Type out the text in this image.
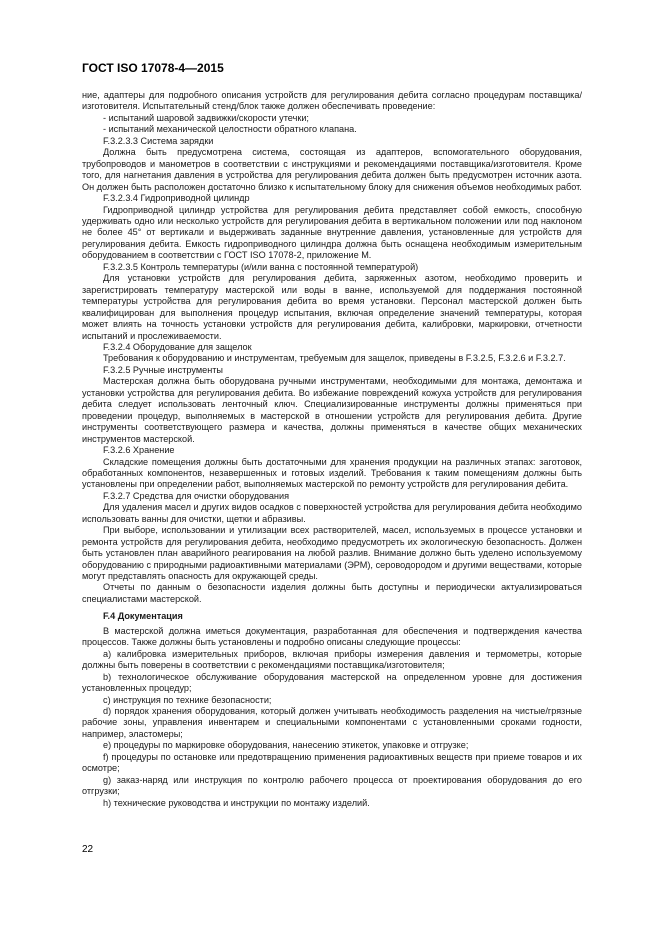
ГОСТ ISO 17078-4—2015

ние, адаптеры для подробного описания устройств для регулирования дебита согласно процедурам поставщика/изготовителя. Испытательный стенд/блок также должен обеспечивать проведение:

- испытаний шаровой задвижки/скорости утечки;

- испытаний механической целостности обратного клапана.

F.3.2.3.3 Система зарядки

Должна быть предусмотрена система, состоящая из адаптеров, вспомогательного оборудования, трубопроводов и манометров в соответствии с инструкциями и рекомендациями поставщика/изготовителя. Кроме того, для нагнетания давления в устройства для регулирования дебита должен быть предусмотрен источник азота. Он должен быть расположен достаточно близко к испытательному блоку для снижения объемов необходимых работ.

F.3.2.3.4 Гидроприводной цилиндр

Гидроприводной цилиндр устройства для регулирования дебита представляет собой емкость, способную удерживать одно или несколько устройств для регулирования дебита в вертикальном положении или под наклоном не более 45° от вертикали и выдерживать заданные внутренние давления, установленные для устройств для регулирования дебита. Емкость гидроприводного цилиндра должна быть оснащена необходимым измерительным оборудованием в соответствии с ГОСТ ISO 17078-2, приложение М.

F.3.2.3.5 Контроль температуры (и/или ванна с постоянной температурой)

Для установки устройств для регулирования дебита, заряженных азотом, необходимо проверить и зарегистрировать температуру мастерской или воды в ванне, используемой для поддержания постоянной температуры устройства для регулирования дебита во время установки. Персонал мастерской должен быть квалифицирован для выполнения процедур испытания, включая определение значений температуры, которая может влиять на точность установки устройств для регулирования дебита, калибровки, маркировки, отчетности испытаний и прослеживаемости.

F.3.2.4 Оборудование для защелок

Требования к оборудованию и инструментам, требуемым для защелок, приведены в F.3.2.5, F.3.2.6 и F.3.2.7.

F.3.2.5 Ручные инструменты

Мастерская должна быть оборудована ручными инструментами, необходимыми для монтажа, демонтажа и установки устройства для регулирования дебита. Во избежание повреждений кожуха устройств для регулирования дебита следует использовать ленточный ключ. Специализированные инструменты должны применяться при проведении процедур, выполняемых в мастерской в отношении устройств для регулирования дебита. Другие инструменты соответствующего размера и качества, должны применяться в качестве общих механических инструментов мастерской.

F.3.2.6 Хранение

Складские помещения должны быть достаточными для хранения продукции на различных этапах: заготовок, обработанных компонентов, незавершенных и готовых изделий. Требования к таким помещениям должны быть установлены при определении работ, выполняемых мастерской по ремонту устройств для регулирования дебита.

F.3.2.7 Средства для очистки оборудования

Для удаления масел и других видов осадков с поверхностей устройства для регулирования дебита необходимо использовать ванны для очистки, щетки и абразивы.

При выборе, использовании и утилизации всех растворителей, масел, используемых в процессе установки и ремонта устройств для регулирования дебита, необходимо предусмотреть их экологическую безопасность. Должен быть установлен план аварийного реагирования на любой разлив. Внимание должно быть уделено используемому оборудованию с природными радиоактивными материалами (ЭРМ), сероводородом и другими веществами, которые могут представлять опасность для окружающей среды.

Отчеты по данным о безопасности изделия должны быть доступны и периодически актуализироваться специалистами мастерской.

F.4 Документация

В мастерской должна иметься документация, разработанная для обеспечения и подтверждения качества процессов. Также должны быть установлены и подробно описаны следующие процессы:

а) калибровка измерительных приборов, включая приборы измерения давления и термометры, которые должны быть поверены в соответствии с рекомендациями поставщика/изготовителя;

b) технологическое обслуживание оборудования мастерской на определенном уровне для достижения установленных процедур;

с) инструкция по технике безопасности;

d) порядок хранения оборудования, который должен учитывать необходимость разделения на чистые/грязные рабочие зоны, управления инвентарем и специальными компонентами с установленными сроками годности, например, эластомеры;

e) процедуры по маркировке оборудования, нанесению этикеток, упаковке и отгрузке;

f) процедуры по остановке или предотвращению применения радиоактивных веществ при приеме товаров и их осмотре;

g) заказ-наряд или инструкция по контролю рабочего процесса от проектирования оборудования до его отгрузки;

h) технические руководства и инструкции по монтажу изделий.

22
